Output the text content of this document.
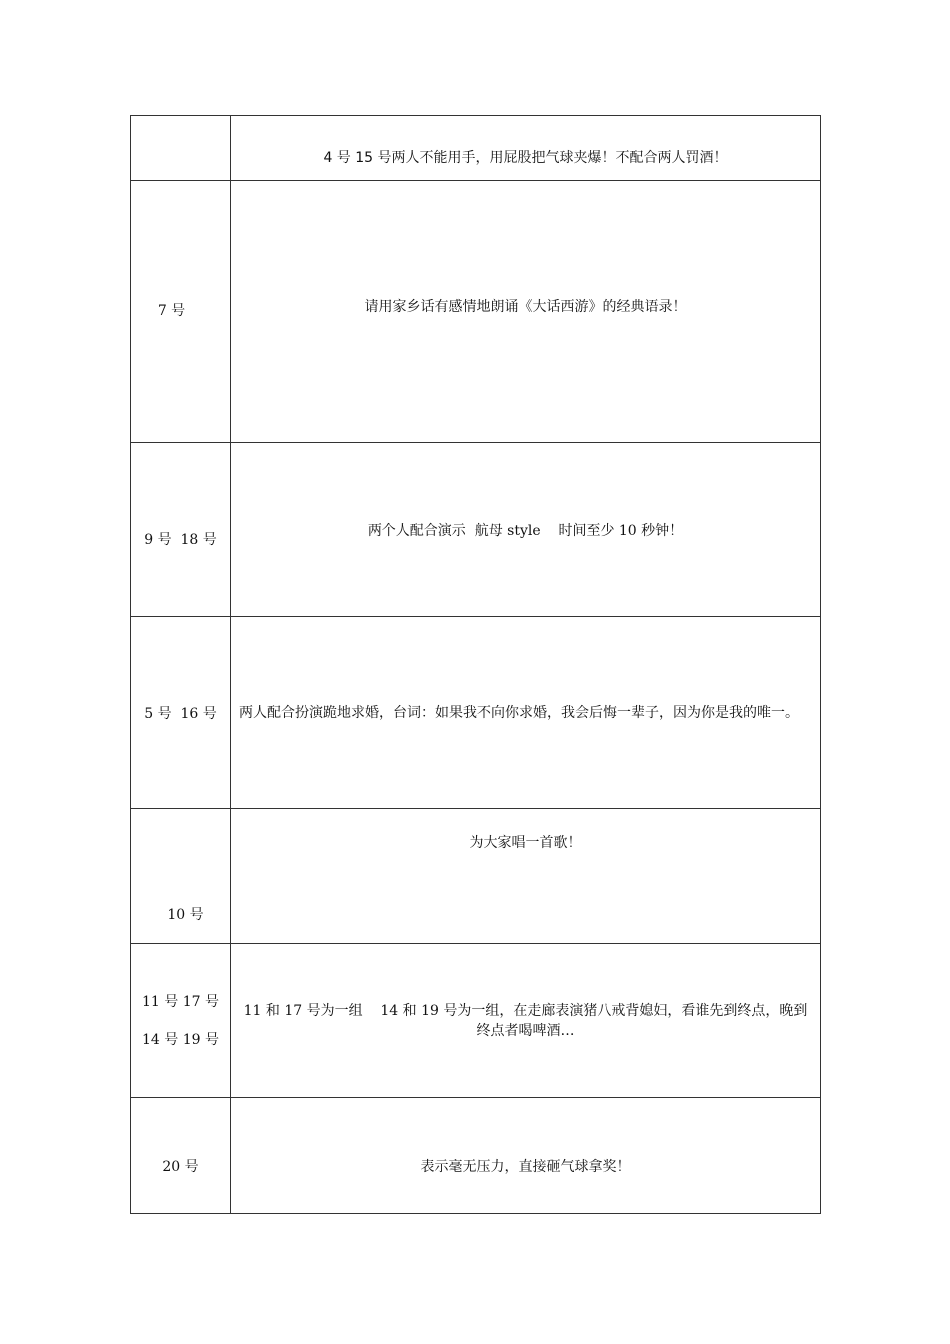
	4 号 15 号两人不能用手，用屁股把气球夹爆！不配合两人罚酒！
7 号	请用家乡话有感情地朗诵《大话西游》的经典语录！
9 号  18 号	两个人配合演示  航母 style    时间至少 10 秒钟！
5 号  16 号	两人配合扮演跪地求婚，台词：如果我不向你求婚，我会后悔一辈子，因为你是我的唯一。
10 号	为大家唱一首歌！

11 号 17 号
14 号 19 号	11 和 17 号为一组    14 和 19 号为一组，在走廊表演猪八戒背媳妇，看谁先到终点，晚到终点者喝啤酒…
20 号	表示毫无压力，直接砸气球拿奖！
